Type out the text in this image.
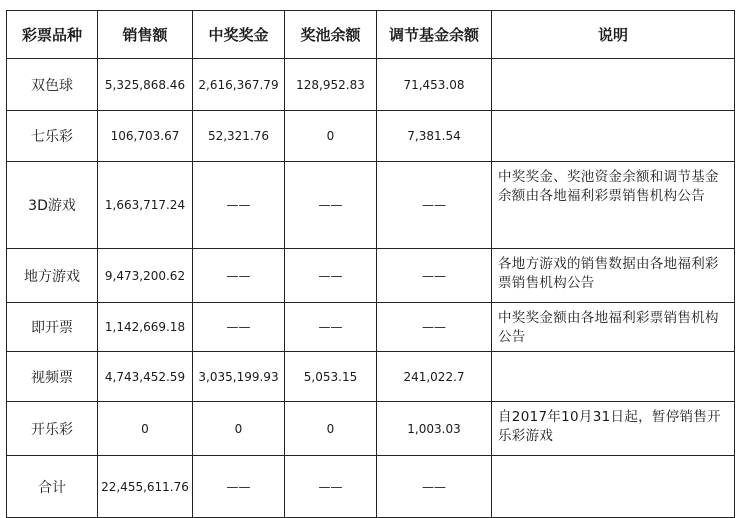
彩票品种	销售额	中奖奖金	奖池余额	调节基金余额	说明
双色球	5,325,868.46	2,616,367.79	128,952.83	71,453.08	
七乐彩	106,703.67	52,321.76	0	7,381.54	
3D游戏	1,663,717.24	——	——	——	中奖奖金、奖池资金余额和调节基金余额由各地福利彩票销售机构公告
地方游戏	9,473,200.62	——	——	——	各地方游戏的销售数据由各地福利彩票销售机构公告
即开票	1,142,669.18	——	——	——	中奖奖金额由各地福利彩票销售机构公告
视频票	4,743,452.59	3,035,199.93	5,053.15	241,022.7	
开乐彩	0	0	0	1,003.03	自2017年10月31日起，暂停销售开乐彩游戏
合计	22,455,611.76	——	——	——	
